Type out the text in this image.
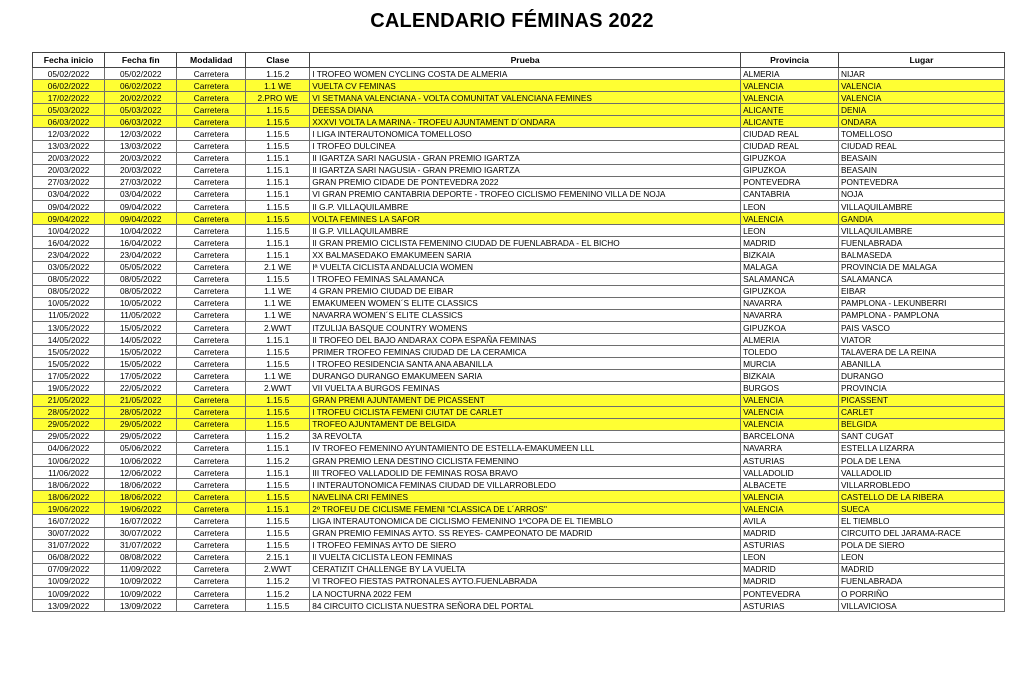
CALENDARIO FÉMINAS 2022
Fecha inicio	Fecha fin	Modalidad	Clase	Prueba	Provincia	Lugar
05/02/2022	05/02/2022	Carretera	1.15.2	I TROFEO WOMEN CYCLING COSTA DE ALMERIA	ALMERIA	NIJAR
06/02/2022	06/02/2022	Carretera	1.1 WE	VUELTA CV FEMINAS	VALENCIA	VALENCIA
17/02/2022	20/02/2022	Carretera	2.PRO WE	VI SETMANA VALENCIANA - VOLTA COMUNITAT VALENCIANA FEMINES	VALENCIA	VALENCIA
05/03/2022	05/03/2022	Carretera	1.15.5	DEESSA DIANA	ALICANTE	DENIA
06/03/2022	06/03/2022	Carretera	1.15.5	XXXVI VOLTA LA MARINA - TROFEU AJUNTAMENT D´ONDARA	ALICANTE	ONDARA
12/03/2022	12/03/2022	Carretera	1.15.5	I LIGA INTERAUTONOMICA TOMELLOSO	CIUDAD REAL	TOMELLOSO
13/03/2022	13/03/2022	Carretera	1.15.5	I TROFEO DULCINEA	CIUDAD REAL	CIUDAD REAL
20/03/2022	20/03/2022	Carretera	1.15.1	II IGARTZA SARI NAGUSIA - GRAN PREMIO IGARTZA	GIPUZKOA	BEASAIN
20/03/2022	20/03/2022	Carretera	1.15.1	II IGARTZA SARI NAGUSIA - GRAN PREMIO IGARTZA	GIPUZKOA	BEASAIN
27/03/2022	27/03/2022	Carretera	1.15.1	GRAN PREMIO CIDADE DE PONTEVEDRA 2022	PONTEVEDRA	PONTEVEDRA
03/04/2022	03/04/2022	Carretera	1.15.1	VI GRAN PREMIO CANTABRIA DEPORTE - TROFEO CICLISMO FEMENINO VILLA DE NOJA	CANTABRIA	NOJA
09/04/2022	09/04/2022	Carretera	1.15.5	II G.P. VILLAQUILAMBRE	LEON	VILLAQUILAMBRE
09/04/2022	09/04/2022	Carretera	1.15.5	VOLTA FEMINES LA SAFOR	VALENCIA	GANDIA
10/04/2022	10/04/2022	Carretera	1.15.5	II G.P. VILLAQUILAMBRE	LEON	VILLAQUILAMBRE
16/04/2022	16/04/2022	Carretera	1.15.1	II GRAN PREMIO CICLISTA FEMENINO CIUDAD DE FUENLABRADA - EL BICHO	MADRID	FUENLABRADA
23/04/2022	23/04/2022	Carretera	1.15.1	XX BALMASEDAKO EMAKUMEEN SARIA	BIZKAIA	BALMASEDA
03/05/2022	05/05/2022	Carretera	2.1 WE	Iª VUELTA CICLISTA ANDALUCIA WOMEN	MALAGA	PROVINCIA DE MALAGA
08/05/2022	08/05/2022	Carretera	1.15.5	I TROFEO FEMINAS SALAMANCA	SALAMANCA	SALAMANCA
08/05/2022	08/05/2022	Carretera	1.1 WE	4 GRAN PREMIO CIUDAD DE EIBAR	GIPUZKOA	EIBAR
10/05/2022	10/05/2022	Carretera	1.1 WE	EMAKUMEEN WOMEN´S ELITE CLASSICS	NAVARRA	PAMPLONA - LEKUNBERRI
11/05/2022	11/05/2022	Carretera	1.1 WE	NAVARRA WOMEN´S ELITE CLASSICS	NAVARRA	PAMPLONA - PAMPLONA
13/05/2022	15/05/2022	Carretera	2.WWT	ITZULIJA BASQUE COUNTRY WOMENS	GIPUZKOA	PAIS VASCO
14/05/2022	14/05/2022	Carretera	1.15.1	II TROFEO DEL BAJO ANDARAX COPA ESPAÑA FEMINAS	ALMERIA	VIATOR
15/05/2022	15/05/2022	Carretera	1.15.5	PRIMER TROFEO FEMINAS CIUDAD DE LA CERAMICA	TOLEDO	TALAVERA DE LA REINA
15/05/2022	15/05/2022	Carretera	1.15.5	I TROFEO RESIDENCIA SANTA ANA ABANILLA	MURCIA	ABANILLA
17/05/2022	17/05/2022	Carretera	1.1 WE	DURANGO DURANGO EMAKUMEEN SARIA	BIZKAIA	DURANGO
19/05/2022	22/05/2022	Carretera	2.WWT	VII VUELTA A BURGOS FEMINAS	BURGOS	PROVINCIA
21/05/2022	21/05/2022	Carretera	1.15.5	GRAN PREMI AJUNTAMENT DE PICASSENT	VALENCIA	PICASSENT
28/05/2022	28/05/2022	Carretera	1.15.5	I TROFEU CICLISTA FEMENI CIUTAT DE CARLET	VALENCIA	CARLET
29/05/2022	29/05/2022	Carretera	1.15.5	TROFEO AJUNTAMENT DE BELGIDA	VALENCIA	BELGIDA
29/05/2022	29/05/2022	Carretera	1.15.2	3A REVOLTA	BARCELONA	SANT CUGAT
04/06/2022	05/06/2022	Carretera	1.15.1	IV TROFEO FEMENINO AYUNTAMIENTO DE ESTELLA-EMAKUMEEN LLL	NAVARRA	ESTELLA LIZARRA
10/06/2022	10/06/2022	Carretera	1.15.2	GRAN PREMIO LENA DESTINO CICLISTA FEMENINO	ASTURIAS	POLA DE LENA
11/06/2022	12/06/2022	Carretera	1.15.1	III TROFEO VALLADOLID DE FEMINAS ROSA BRAVO	VALLADOLID	VALLADOLID
18/06/2022	18/06/2022	Carretera	1.15.5	I INTERAUTONOMICA FEMINAS CIUDAD DE VILLARROBLEDO	ALBACETE	VILLARROBLEDO
18/06/2022	18/06/2022	Carretera	1.15.5	NAVELINA CRI FEMINES	VALENCIA	CASTELLO DE LA RIBERA
19/06/2022	19/06/2022	Carretera	1.15.1	2º TROFEU DE CICLISME FEMENI "CLASSICA DE L´ARROS"	VALENCIA	SUECA
16/07/2022	16/07/2022	Carretera	1.15.5	LIGA INTERAUTONOMICA DE CICLISMO FEMENINO 1ºCOPA DE EL TIEMBLO	AVILA	EL TIEMBLO
30/07/2022	30/07/2022	Carretera	1.15.5	GRAN PREMIO FEMINAS AYTO. SS REYES- CAMPEONATO DE MADRID	MADRID	CIRCUITO DEL JARAMA-RACE
31/07/2022	31/07/2022	Carretera	1.15.5	I TROFEO FEMINAS AYTO DE SIERO	ASTURIAS	POLA DE SIERO
06/08/2022	08/08/2022	Carretera	2.15.1	II VUELTA CICLISTA LEON FEMINAS	LEON	LEON
07/09/2022	11/09/2022	Carretera	2.WWT	CERATIZIT CHALLENGE BY LA VUELTA	MADRID	MADRID
10/09/2022	10/09/2022	Carretera	1.15.2	VI TROFEO FIESTAS PATRONALES AYTO.FUENLABRADA	MADRID	FUENLABRADA
10/09/2022	10/09/2022	Carretera	1.15.2	LA NOCTURNA 2022 FEM	PONTEVEDRA	O PORRIÑO
13/09/2022	13/09/2022	Carretera	1.15.5	84 CIRCUITO CICLISTA NUESTRA SEÑORA DEL PORTAL	ASTURIAS	VILLAVICIOSA
